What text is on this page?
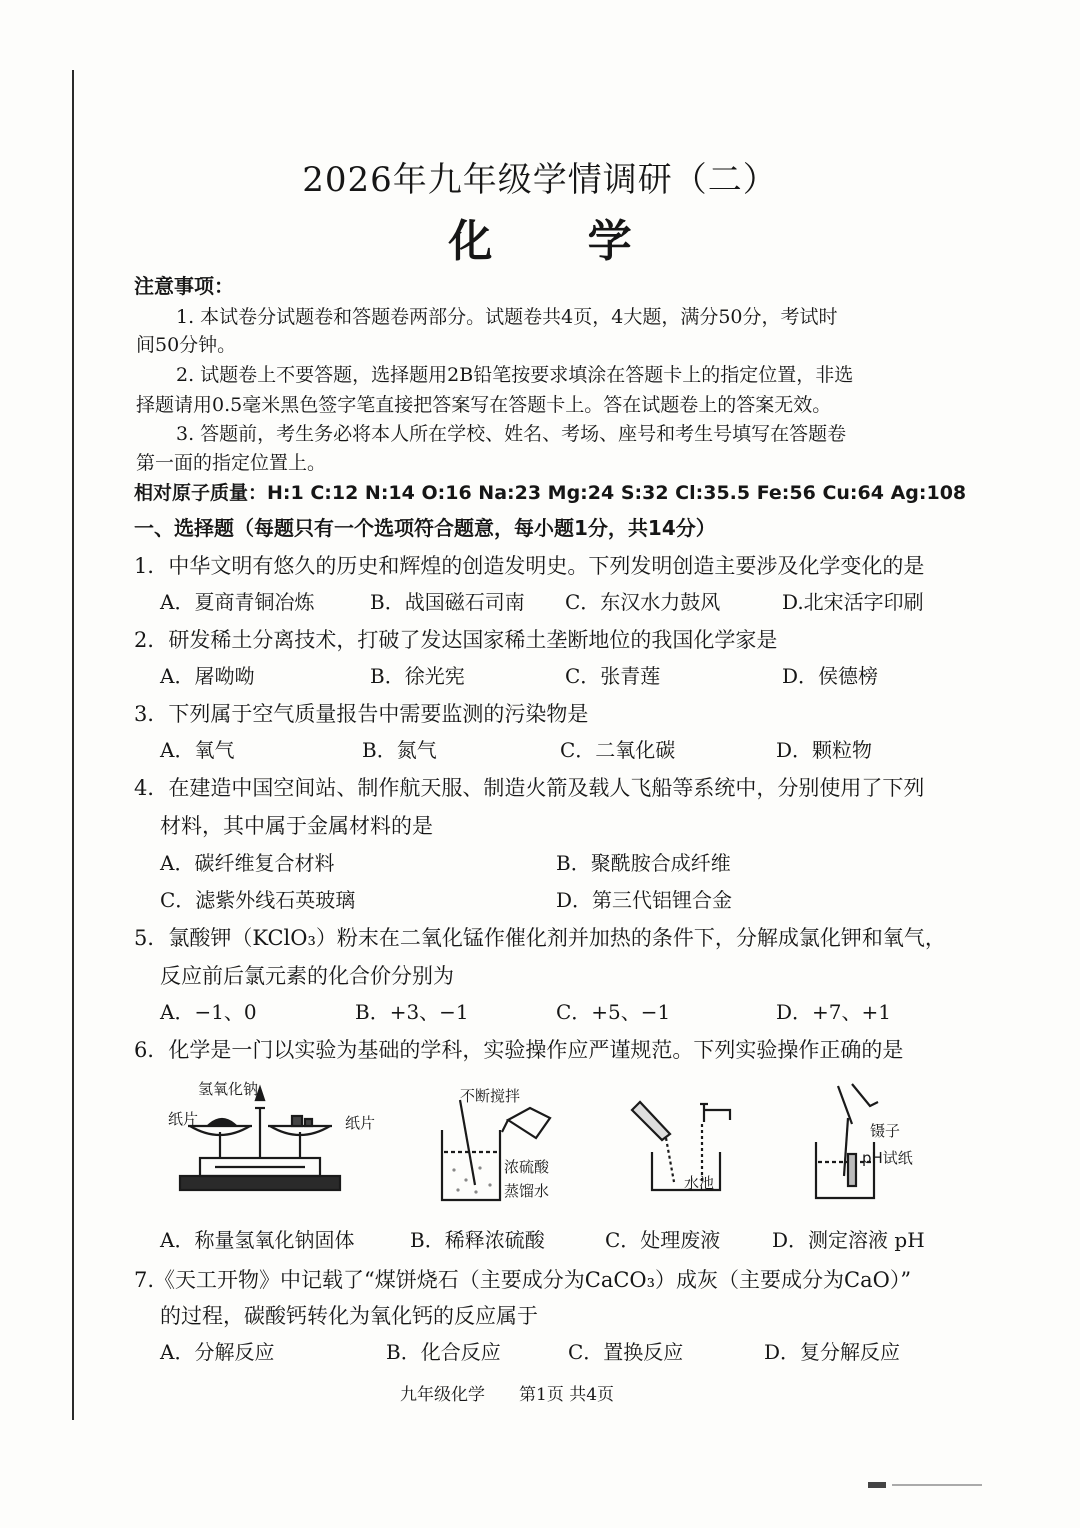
2026年九年级学情调研（二）
化 学
注意事项：
1. 本试卷分试题卷和答题卷两部分。试题卷共4页，4大题，满分50分，考试时
间50分钟。
2. 试题卷上不要答题，选择题用2B铅笔按要求填涂在答题卡上的指定位置，非选
择题请用0.5毫米黑色签字笔直接把答案写在答题卡上。答在试题卷上的答案无效。
3. 答题前，考生务必将本人所在学校、姓名、考场、座号和考生号填写在答题卷
第一面的指定位置上。
相对原子质量：H:1 C:12 N:14 O:16 Na:23 Mg:24 S:32 Cl:35.5 Fe:56 Cu:64 Ag:108
一、选择题（每题只有一个选项符合题意，每小题1分，共14分）
1．中华文明有悠久的历史和辉煌的创造发明史。下列发明创造主要涉及化学变化的是
A．夏商青铜冶炼	B．战国磁石司南 C．东汉水力鼓风	D.北宋活字印刷
2．研发稀土分离技术，打破了发达国家稀土垄断地位的我国化学家是
A．屠呦呦	B．徐光宪	C．张青莲	D．侯德榜
3．下列属于空气质量报告中需要监测的污染物是
A．氧气	B．氮气	C．二氧化碳	D．颗粒物
4．在建造中国空间站、制作航天服、制造火箭及载人飞船等系统中，分别使用了下列
材料，其中属于金属材料的是
A．碳纤维复合材料	B．聚酰胺合成纤维
C．滤紫外线石英玻璃	D．第三代铝锂合金
5．氯酸钾（KClO₃）粉末在二氧化锰作催化剂并加热的条件下，分解成氯化钾和氧气，
反应前后氯元素的化合价分别为
A．−1、0	B．+3、−1	C．+5、−1	D．+7、+1
6．化学是一门以实验为基础的学科，实验操作应严谨规范。下列实验操作正确的是
氢氧化钠
纸片	纸片
不断搅拌
浓硫酸
蒸馏水	水池
镊子
pH试纸
A．称量氢氧化钠固体	B．稀释浓硫酸	C．处理废液	D．测定溶液 pH
7.《天工开物》中记载了“煤饼烧石（主要成分为CaCO₃）成灰（主要成分为CaO）”
的过程，碳酸钙转化为氧化钙的反应属于
A．分解反应	B．化合反应	C．置换反应	D．复分解反应
九年级化学　　第1页 共4页
